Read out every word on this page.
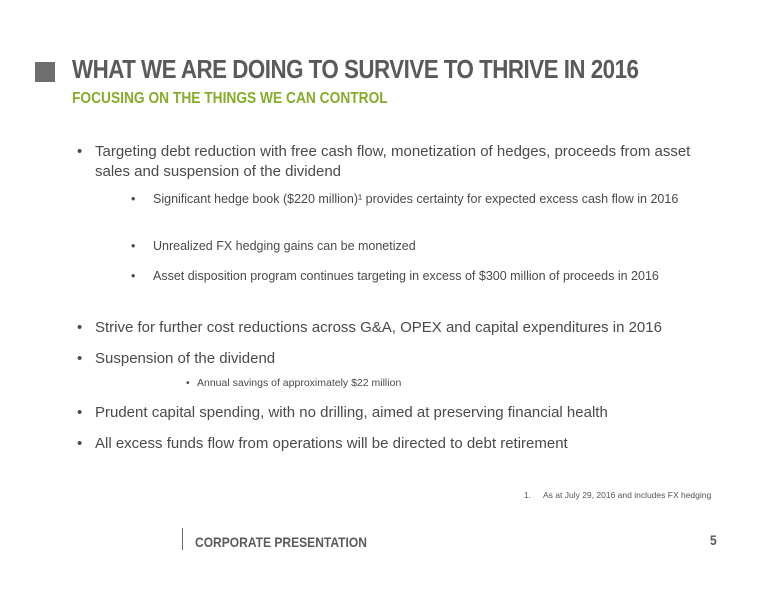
WHAT WE ARE DOING TO SURVIVE TO THRIVE IN 2016
FOCUSING ON THE THINGS WE CAN CONTROL
• Targeting debt reduction with free cash flow, monetization of hedges, proceeds from asset sales and suspension of the dividend
•	Significant hedge book ($220 million)¹ provides certainty for expected excess cash flow in 2016
•	Unrealized FX hedging gains can be monetized
•	Asset disposition program continues targeting in excess of $300 million of proceeds in 2016
• Strive for further cost reductions across G&A, OPEX and capital expenditures in 2016
• Suspension of the dividend
• Annual savings of approximately $22 million
• Prudent capital spending, with no drilling, aimed at preserving financial health
• All excess funds flow from operations will be directed to debt retirement
1. As at July 29, 2016 and includes FX hedging
CORPORATE PRESENTATION	5
